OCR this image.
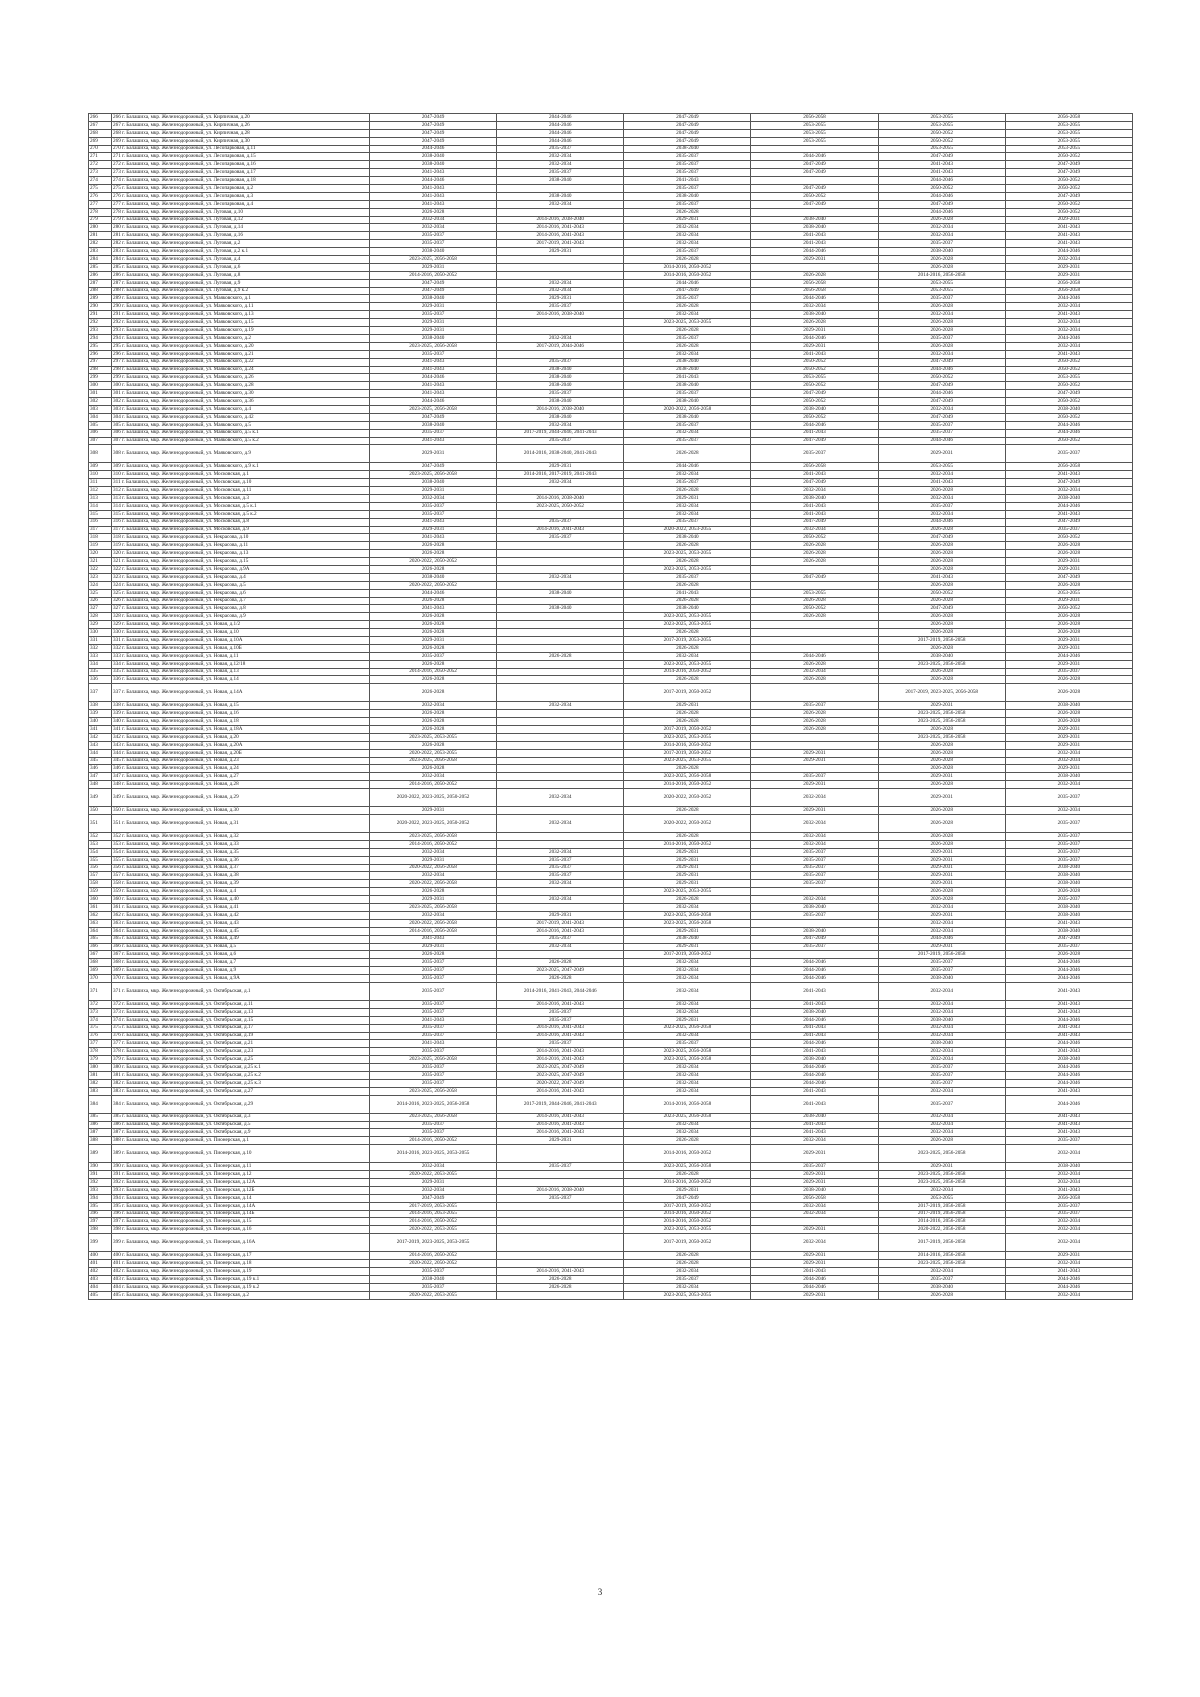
266	266 г. Балашиха, мкр. Железнодорожный, ул. Кирпичная, д.20	2047-2049	2044-2046	2047-2049	2056-2058	2053-2055	2056-2058
267	267 г. Балашиха, мкр. Железнодорожный, ул. Кирпичная, д.26	2047-2049	2044-2046	2047-2049	2053-2055	2053-2055	2053-2055
268	268 г. Балашиха, мкр. Железнодорожный, ул. Кирпичная, д.28	2047-2049	2044-2046	2047-2049	2053-2055	2050-2052	2053-2055
269	269 г. Балашиха, мкр. Железнодорожный, ул. Кирпичная, д.30	2047-2049	2044-2046	2047-2049	2053-2055	2050-2052	2053-2055
270	270 г. Балашиха, мкр. Железнодорожный, ул. Лесопарковая, д.11	2044-2046	2035-2037	2038-2040		2053-2055	2053-2055
271	271 г. Балашиха, мкр. Железнодорожный, ул. Лесопарковая, д.15	2038-2040	2032-2034	2035-2037	2044-2046	2047-2049	2050-2052
272	272 г. Балашиха, мкр. Железнодорожный, ул. Лесопарковая, д.16	2038-2040	2032-2034	2035-2037	2047-2049	2041-2043	2047-2049
273	273 г. Балашиха, мкр. Железнодорожный, ул. Лесопарковая, д.17	2041-2043	2035-2037	2035-2037	2047-2049	2041-2043	2047-2049
274	274 г. Балашиха, мкр. Железнодорожный, ул. Лесопарковая, д.18	2044-2046	2038-2040	2041-2043		2044-2046	2050-2052
275	275 г. Балашиха, мкр. Железнодорожный, ул. Лесопарковая, д.2	2041-2043		2035-2037	2047-2049	2050-2052	2050-2052
276	276 г. Балашиха, мкр. Железнодорожный, ул. Лесопарковая, д.3	2041-2043	2038-2040	2038-2040	2050-2052	2044-2046	2047-2049
277	277 г. Балашиха, мкр. Железнодорожный, ул. Лесопарковая, д.4	2041-2043	2032-2034	2035-2037	2047-2049	2047-2049	2050-2052
278	278 г. Балашиха, мкр. Железнодорожный, ул. Луговая, д.10	2026-2028		2026-2028		2044-2046	2050-2052
279	279 г. Балашиха, мкр. Железнодорожный, ул. Луговая, д.12	2032-2034	2014-2016, 2038-2040	2029-2031	2038-2040	2026-2028	2029-2031
280	280 г. Балашиха, мкр. Железнодорожный, ул. Луговая, д.14	2032-2034	2014-2016, 2041-2043	2032-2034	2038-2040	2032-2034	2041-2043
281	281 г. Балашиха, мкр. Железнодорожный, ул. Луговая, д.16	2035-2037	2014-2016, 2041-2043	2032-2034	2041-2043	2032-2034	2041-2043
282	282 г. Балашиха, мкр. Железнодорожный, ул. Луговая, д.2	2035-2037	2017-2019, 2041-2043	2032-2034	2041-2043	2035-2037	2041-2043
283	283 г. Балашиха, мкр. Железнодорожный, ул. Луговая, д.2 к.1	2038-2040	2029-2031	2035-2037	2044-2046	2038-2040	2044-2046
284	284 г. Балашиха, мкр. Железнодорожный, ул. Луговая, д.4	2023-2025, 2056-2058		2026-2028	2029-2031	2026-2028	2032-2034
285	285 г. Балашиха, мкр. Железнодорожный, ул. Луговая, д.6	2029-2031		2014-2016, 2050-2052		2026-2028	2029-2031
286	286 г. Балашиха, мкр. Железнодорожный, ул. Луговая, д.8	2014-2016, 2050-2052		2014-2016, 2050-2052	2026-2028	2014-2016, 2056-2058	2029-2031
287	287 г. Балашиха, мкр. Железнодорожный, ул. Луговая, д.9	2047-2049	2032-2034	2044-2046	2056-2058	2053-2055	2056-2058
288	288 г. Балашиха, мкр. Железнодорожный, ул. Луговая, д.9 к.2	2047-2049	2032-2034	2047-2049	2056-2058	2053-2055	2056-2058
289	289 г. Балашиха, мкр. Железнодорожный, ул. Маяковского, д.1	2038-2040	2029-2031	2035-2037	2044-2046	2035-2037	2044-2046
290	290 г. Балашиха, мкр. Железнодорожный, ул. Маяковского, д.11	2029-2031	2035-2037	2026-2028	2032-2034	2026-2028	2032-2034
291	291 г. Балашиха, мкр. Железнодорожный, ул. Маяковского, д.13	2035-2037	2014-2016, 2038-2040	2032-2034	2038-2040	2032-2034	2041-2043
292	292 г. Балашиха, мкр. Железнодорожный, ул. Маяковского, д.15	2029-2031		2023-2025, 2053-2055	2026-2028	2026-2028	2032-2034
293	293 г. Балашиха, мкр. Железнодорожный, ул. Маяковского, д.19	2029-2031		2026-2028	2029-2031	2026-2028	2032-2034
294	294 г. Балашиха, мкр. Железнодорожный, ул. Маяковского, д.2	2038-2040	2032-2034	2035-2037	2044-2046	2035-2037	2044-2046
295	295 г. Балашиха, мкр. Железнодорожный, ул. Маяковского, д.20	2023-2025, 2056-2058	2017-2019, 2044-2046	2026-2028	2029-2031	2026-2028	2032-2034
296	296 г. Балашиха, мкр. Железнодорожный, ул. Маяковского, д.21	2035-2037		2032-2034	2041-2043	2032-2034	2041-2043
297	297 г. Балашиха, мкр. Железнодорожный, ул. Маяковского, д.22	2041-2043	2035-2037	2038-2040	2050-2052	2047-2049	2050-2052
298	298 г. Балашиха, мкр. Железнодорожный, ул. Маяковского, д.24	2041-2043	2038-2040	2038-2040	2050-2052	2044-2046	2050-2052
299	299 г. Балашиха, мкр. Железнодорожный, ул. Маяковского, д.26	2044-2046	2038-2040	2041-2043	2053-2055	2050-2052	2053-2055
300	300 г. Балашиха, мкр. Железнодорожный, ул. Маяковского, д.28	2041-2043	2038-2040	2038-2040	2050-2052	2047-2049	2050-2052
301	301 г. Балашиха, мкр. Железнодорожный, ул. Маяковского, д.30	2041-2043	2035-2037	2035-2037	2047-2049	2044-2046	2047-2049
302	302 г. Балашиха, мкр. Железнодорожный, ул. Маяковского, д.36	2044-2046	2038-2040	2038-2040	2050-2052	2047-2049	2050-2052
303	303 г. Балашиха, мкр. Железнодорожный, ул. Маяковского, д.4	2023-2025, 2056-2058	2014-2016, 2038-2040	2020-2022, 2056-2058	2038-2040	2032-2034	2038-2040
304	304 г. Балашиха, мкр. Железнодорожный, ул. Маяковского, д.42	2047-2049	2038-2040	2038-2040	2050-2052	2047-2049	2050-2052
305	305 г. Балашиха, мкр. Железнодорожный, ул. Маяковского, д.5	2038-2040	2032-2034	2035-2037	2044-2046	2035-2037	2044-2046
306	306 г. Балашиха, мкр. Железнодорожный, ул. Маяковского, д.5 к.1	2035-2037	2017-2019, 2044-2046, 2041-2043	2032-2034	2041-2043	2035-2037	2044-2046
307	307 г. Балашиха, мкр. Железнодорожный, ул. Маяковского, д.5 к.2	2041-2043	2035-2037	2035-2037	2047-2049	2044-2046	2050-2052
308	308 г. Балашиха, мкр. Железнодорожный, ул. Маяковского, д.9	2029-2031	2014-2016, 2038-2040, 2041-2043	2026-2028	2035-2037	2029-2031	2035-2037
309	309 г. Балашиха, мкр. Железнодорожный, ул. Маяковского, д.9 к.1	2047-2049	2029-2031	2044-2046	2056-2058	2053-2055	2056-2058
310	310 г. Балашиха, мкр. Железнодорожный, ул. Московская, д.1	2023-2025, 2056-2058	2014-2016, 2017-2019, 2041-2043	2032-2034	2041-2043	2032-2034	2041-2043
311	311 г. Балашиха, мкр. Железнодорожный, ул. Московская, д.10	2038-2040	2032-2034	2035-2037	2047-2049	2041-2043	2047-2049
312	312 г. Балашиха, мкр. Железнодорожный, ул. Московская, д.11	2029-2031		2026-2028	2032-2034	2026-2028	2032-2034
313	313 г. Балашиха, мкр. Железнодорожный, ул. Московская, д.3	2032-2034	2014-2016, 2038-2040	2029-2031	2038-2040	2032-2034	2038-2040
314	314 г. Балашиха, мкр. Железнодорожный, ул. Московская, д.5 к.1	2035-2037	2023-2025, 2050-2052	2032-2034	2041-2043	2035-2037	2044-2046
315	315 г. Балашиха, мкр. Железнодорожный, ул. Московская, д.5 к.2	2035-2037		2032-2034	2041-2043	2032-2034	2041-2043
316	316 г. Балашиха, мкр. Железнодорожный, ул. Московская, д.8	2041-2043	2035-2037	2035-2037	2047-2049	2044-2046	2047-2049
317	317 г. Балашиха, мкр. Железнодорожный, ул. Московская, д.9	2029-2031	2014-2016, 2041-2043	2020-2022, 2053-2055	2032-2034	2026-2028	2035-2037
318	318 г. Балашиха, мкр. Железнодорожный, ул. Некрасова, д.10	2041-2043	2035-2037	2038-2040	2050-2052	2047-2049	2050-2052
319	319 г. Балашиха, мкр. Железнодорожный, ул. Некрасова, д.11	2026-2028		2026-2028	2026-2028	2026-2028	2026-2028
320	320 г. Балашиха, мкр. Железнодорожный, ул. Некрасова, д.13	2026-2028		2023-2025, 2053-2055	2026-2028	2026-2028	2026-2028
321	321 г. Балашиха, мкр. Железнодорожный, ул. Некрасова, д.15	2020-2022, 2050-2052		2026-2028	2026-2028	2026-2028	2029-2031
322	322 г. Балашиха, мкр. Железнодорожный, ул. Некрасова, д.9А	2026-2028		2023-2025, 2053-2055		2026-2028	2029-2031
323	323 г. Балашиха, мкр. Железнодорожный, ул. Некрасова, д.4	2038-2040	2032-2034	2035-2037	2047-2049	2041-2043	2047-2049
324	324 г. Балашиха, мкр. Железнодорожный, ул. Некрасова, д.5	2020-2022, 2050-2052		2026-2028		2026-2028	2026-2028
325	325 г. Балашиха, мкр. Железнодорожный, ул. Некрасова, д.6	2044-2046	2038-2040	2041-2043	2053-2055	2050-2052	2053-2055
326	326 г. Балашиха, мкр. Железнодорожный, ул. Некрасова, д.7	2026-2028		2026-2028	2026-2028	2026-2028	2029-2031
327	327 г. Балашиха, мкр. Железнодорожный, ул. Некрасова, д.8	2041-2043	2038-2040	2038-2040	2050-2052	2047-2049	2050-2052
328	328 г. Балашиха, мкр. Железнодорожный, ул. Некрасова, д.9	2026-2028		2023-2025, 2053-2055	2026-2028	2026-2028	2026-2028
329	329 г. Балашиха, мкр. Железнодорожный, ул. Новая, д.1/2	2026-2028		2023-2025, 2053-2055		2026-2028	2026-2028
330	330 г. Балашиха, мкр. Железнодорожный, ул. Новая, д.10	2026-2028		2026-2028		2026-2028	2026-2028
331	331 г. Балашиха, мкр. Железнодорожный, ул. Новая, д.10А	2029-2031		2017-2019, 2053-2055		2017-2019, 2056-2058	2029-2031
332	332 г. Балашиха, мкр. Железнодорожный, ул. Новая, д.10Б	2026-2028		2026-2028		2026-2028	2029-2031
333	333 г. Балашиха, мкр. Железнодорожный, ул. Новая, д.11	2035-2037	2026-2028	2032-2034	2044-2046	2038-2040	2044-2046
334	334 г. Балашиха, мкр. Железнодорожный, ул. Новая, д.12/18	2026-2028		2023-2025, 2053-2055	2026-2028	2023-2025, 2056-2058	2029-2031
335	335 г. Балашиха, мкр. Железнодорожный, ул. Новая, д.13	2014-2016, 2050-2052		2014-2016, 2050-2052	2032-2034	2026-2028	2035-2037
336	336 г. Балашиха, мкр. Железнодорожный, ул. Новая, д.14	2026-2028		2026-2028	2026-2028	2026-2028	2026-2028
337	337 г. Балашиха, мкр. Железнодорожный, ул. Новая, д.14А	2026-2028		2017-2019, 2050-2052		2017-2019, 2023-2025, 2056-2058	2026-2028
338	338 г. Балашиха, мкр. Железнодорожный, ул. Новая, д.15	2032-2034	2032-2034	2029-2031	2035-2037	2029-2031	2038-2040
339	339 г. Балашиха, мкр. Железнодорожный, ул. Новая, д.16	2026-2028		2026-2028	2026-2028	2023-2025, 2056-2058	2026-2028
340	340 г. Балашиха, мкр. Железнодорожный, ул. Новая, д.18	2026-2028		2026-2028	2026-2028	2023-2025, 2056-2058	2026-2028
341	341 г. Балашиха, мкр. Железнодорожный, ул. Новая, д.18А	2026-2028		2017-2019, 2050-2052	2026-2028	2026-2028	2029-2031
342	342 г. Балашиха, мкр. Железнодорожный, ул. Новая, д.20	2023-2025, 2053-2055		2023-2025, 2053-2055		2023-2025, 2056-2058	2029-2031
343	343 г. Балашиха, мкр. Железнодорожный, ул. Новая, д.20А	2026-2028		2014-2016, 2050-2052		2026-2028	2029-2031
344	344 г. Балашиха, мкр. Железнодорожный, ул. Новая, д.20Б	2020-2022, 2053-2055		2017-2019, 2050-2052	2029-2031	2026-2028	2032-2034
345	345 г. Балашиха, мкр. Железнодорожный, ул. Новая, д.23	2023-2025, 2056-2058		2023-2025, 2053-2055	2029-2031	2026-2028	2032-2034
346	346 г. Балашиха, мкр. Железнодорожный, ул. Новая, д.24	2026-2028		2026-2028		2026-2028	2029-2031
347	347 г. Балашиха, мкр. Железнодорожный, ул. Новая, д.27	2032-2034		2023-2025, 2056-2058	2035-2037	2029-2031	2038-2040
348	348 г. Балашиха, мкр. Железнодорожный, ул. Новая, д.28	2014-2016, 2050-2052		2014-2016, 2050-2052	2029-2031	2026-2028	2032-2034
349	349 г. Балашиха, мкр. Железнодорожный, ул. Новая, д.29	2020-2022, 2023-2025, 2050-2052	2032-2034	2020-2022, 2050-2052	2032-2034	2029-2031	2035-2037
350	350 г. Балашиха, мкр. Железнодорожный, ул. Новая, д.30	2029-2031		2026-2028	2029-2031	2026-2028	2032-2034
351	351 г. Балашиха, мкр. Железнодорожный, ул. Новая, д.31	2020-2022, 2023-2025, 2050-2052	2032-2034	2020-2022, 2050-2052	2032-2034	2026-2028	2035-2037
352	352 г. Балашиха, мкр. Железнодорожный, ул. Новая, д.32	2023-2025, 2056-2058		2026-2028	2032-2034	2026-2028	2035-2037
353	353 г. Балашиха, мкр. Железнодорожный, ул. Новая, д.33	2014-2016, 2050-2052		2014-2016, 2050-2052	2032-2034	2026-2028	2035-2037
354	354 г. Балашиха, мкр. Железнодорожный, ул. Новая, д.35	2032-2034	2032-2034	2029-2031	2035-2037	2029-2031	2035-2037
355	355 г. Балашиха, мкр. Железнодорожный, ул. Новая, д.36	2029-2031	2035-2037	2029-2031	2035-2037	2029-2031	2035-2037
356	356 г. Балашиха, мкр. Железнодорожный, ул. Новая, д.37	2020-2022, 2056-2058	2035-2037	2029-2031	2035-2037	2029-2031	2038-2040
357	357 г. Балашиха, мкр. Железнодорожный, ул. Новая, д.38	2032-2034	2035-2037	2029-2031	2035-2037	2029-2031	2038-2040
358	358 г. Балашиха, мкр. Железнодорожный, ул. Новая, д.39	2020-2022, 2056-2058	2032-2034	2029-2031	2035-2037	2029-2031	2038-2040
359	359 г. Балашиха, мкр. Железнодорожный, ул. Новая, д.4	2026-2028		2023-2025, 2053-2055		2026-2028	2026-2028
360	360 г. Балашиха, мкр. Железнодорожный, ул. Новая, д.40	2029-2031	2032-2034	2026-2028	2032-2034	2026-2028	2035-2037
361	361 г. Балашиха, мкр. Железнодорожный, ул. Новая, д.41	2023-2025, 2056-2058		2032-2034	2038-2040	2032-2034	2038-2040
362	362 г. Балашиха, мкр. Железнодорожный, ул. Новая, д.42	2032-2034	2029-2031	2023-2025, 2056-2058	2035-2037	2029-2031	2038-2040
363	363 г. Балашиха, мкр. Железнодорожный, ул. Новая, д.43	2020-2022, 2056-2058	2017-2019, 2041-2043	2023-2025, 2056-2058		2032-2034	2041-2043
364	364 г. Балашиха, мкр. Железнодорожный, ул. Новая, д.45	2014-2016, 2056-2058	2014-2016, 2041-2043	2029-2031	2038-2040	2032-2034	2038-2040
365	365 г. Балашиха, мкр. Железнодорожный, ул. Новая, д.49	2041-2043	2035-2037	2038-2040	2047-2049	2044-2046	2047-2049
366	366 г. Балашиха, мкр. Железнодорожный, ул. Новая, д.5	2029-2031	2032-2034	2029-2031	2035-2037	2029-2031	2035-2037
367	367 г. Балашиха, мкр. Железнодорожный, ул. Новая, д.6	2026-2028		2017-2019, 2050-2052		2017-2019, 2056-2058	2026-2028
368	368 г. Балашиха, мкр. Железнодорожный, ул. Новая, д.7	2035-2037	2026-2028	2032-2034	2044-2046	2035-2037	2044-2046
369	369 г. Балашиха, мкр. Железнодорожный, ул. Новая, д.9	2035-2037	2023-2025, 2047-2049	2032-2034	2044-2046	2035-2037	2044-2046
370	370 г. Балашиха, мкр. Железнодорожный, ул. Новая, д.9А	2035-2037	2026-2028	2032-2034	2044-2046	2038-2040	2044-2046
371	371 г. Балашиха, мкр. Железнодорожный, ул. Октябрьская, д.1	2035-2037	2014-2016, 2041-2043, 2044-2046	2032-2034	2041-2043	2032-2034	2041-2043
372	372 г. Балашиха, мкр. Железнодорожный, ул. Октябрьская, д.11	2035-2037	2014-2016, 2041-2043	2032-2034	2041-2043	2032-2034	2041-2043
373	373 г. Балашиха, мкр. Железнодорожный, ул. Октябрьская, д.13	2035-2037	2035-2037	2032-2034	2038-2040	2032-2034	2041-2043
374	374 г. Балашиха, мкр. Железнодорожный, ул. Октябрьская, д.15	2041-2043	2035-2037	2029-2031	2044-2046	2038-2040	2044-2046
375	375 г. Балашиха, мкр. Железнодорожный, ул. Октябрьская, д.17	2035-2037	2014-2016, 2041-2043	2023-2025, 2056-2058	2041-2043	2032-2034	2041-2043
376	376 г. Балашиха, мкр. Железнодорожный, ул. Октябрьская, д.19	2035-2037	2014-2016, 2041-2043	2032-2034	2041-2043	2032-2034	2041-2043
377	377 г. Балашиха, мкр. Железнодорожный, ул. Октябрьская, д.21	2041-2043	2035-2037	2035-2037	2044-2046	2038-2040	2044-2046
378	378 г. Балашиха, мкр. Железнодорожный, ул. Октябрьская, д.23	2035-2037	2014-2016, 2041-2043	2023-2025, 2056-2058	2041-2043	2032-2034	2041-2043
379	379 г. Балашиха, мкр. Железнодорожный, ул. Октябрьская, д.25	2023-2025, 2056-2058	2014-2016, 2041-2043	2023-2025, 2056-2058	2038-2040	2032-2034	2038-2040
380	380 г. Балашиха, мкр. Железнодорожный, ул. Октябрьская, д.25 к.1	2035-2037	2023-2025, 2047-2049	2032-2034	2044-2046	2035-2037	2044-2046
381	381 г. Балашиха, мкр. Железнодорожный, ул. Октябрьская, д.25 к.2	2035-2037	2023-2025, 2047-2049	2032-2034	2044-2046	2035-2037	2044-2046
382	382 г. Балашиха, мкр. Железнодорожный, ул. Октябрьская, д.25 к.3	2035-2037	2020-2022, 2047-2049	2032-2034	2044-2046	2035-2037	2044-2046
383	383 г. Балашиха, мкр. Железнодорожный, ул. Октябрьская, д.27	2023-2025, 2056-2058	2014-2016, 2041-2043	2032-2034	2041-2043	2032-2034	2041-2043
384	384 г. Балашиха, мкр. Железнодорожный, ул. Октябрьская, д.29	2014-2016, 2023-2025, 2056-2058	2017-2019, 2044-2046, 2041-2043	2014-2016, 2056-2058	2041-2043	2035-2037	2044-2046
385	385 г. Балашиха, мкр. Железнодорожный, ул. Октябрьская, д.3	2023-2025, 2056-2058	2014-2016, 2041-2043	2023-2025, 2056-2058	2038-2040	2032-2034	2041-2043
386	386 г. Балашиха, мкр. Железнодорожный, ул. Октябрьская, д.5	2035-2037	2014-2016, 2041-2043	2032-2034	2041-2043	2032-2034	2041-2043
387	387 г. Балашиха, мкр. Железнодорожный, ул. Октябрьская, д.9	2035-2037	2014-2016, 2041-2043	2032-2034	2041-2043	2032-2034	2041-2043
388	388 г. Балашиха, мкр. Железнодорожный, ул. Пионерская, д.1	2014-2016, 2050-2052	2029-2031	2026-2028	2032-2034	2026-2028	2035-2037
389	389 г. Балашиха, мкр. Железнодорожный, ул. Пионерская, д.10	2014-2016, 2023-2025, 2053-2055		2014-2016, 2050-2052	2029-2031	2023-2025, 2056-2058	2032-2034
390	390 г. Балашиха, мкр. Железнодорожный, ул. Пионерская, д.11	2032-2034	2035-2037	2023-2025, 2056-2058	2035-2037	2029-2031	2038-2040
391	391 г. Балашиха, мкр. Железнодорожный, ул. Пионерская, д.12	2020-2022, 2053-2055		2026-2028	2029-2031	2023-2025, 2056-2058	2032-2034
392	392 г. Балашиха, мкр. Железнодорожный, ул. Пионерская, д.12А	2029-2031		2014-2016, 2050-2052	2029-2031	2023-2025, 2056-2058	2032-2034
393	393 г. Балашиха, мкр. Железнодорожный, ул. Пионерская, д.12Б	2032-2034	2014-2016, 2038-2040	2029-2031	2038-2040	2032-2034	2041-2043
394	394 г. Балашиха, мкр. Железнодорожный, ул. Пионерская, д.14	2047-2049	2035-2037	2047-2049	2056-2058	2053-2055	2056-2058
395	395 г. Балашиха, мкр. Железнодорожный, ул. Пионерская, д.14А	2017-2019, 2053-2055		2017-2019, 2050-2052	2032-2034	2017-2019, 2056-2058	2035-2037
396	396 г. Балашиха, мкр. Железнодорожный, ул. Пионерская, д.14Б	2014-2016, 2053-2055		2014-2016, 2050-2052	2032-2034	2017-2019, 2056-2058	2035-2037
397	397 г. Балашиха, мкр. Железнодорожный, ул. Пионерская, д.15	2014-2016, 2050-2052		2014-2016, 2050-2052		2014-2016, 2056-2058	2032-2034
398	398 г. Балашиха, мкр. Железнодорожный, ул. Пионерская, д.16	2020-2022, 2053-2055		2023-2025, 2053-2055	2029-2031	2020-2022, 2056-2058	2032-2034
399	399 г. Балашиха, мкр. Железнодорожный, ул. Пионерская, д.16А	2017-2019, 2023-2025, 2053-2055		2017-2019, 2050-2052	2032-2034	2017-2019, 2056-2058	2032-2034
400	400 г. Балашиха, мкр. Железнодорожный, ул. Пионерская, д.17	2014-2016, 2050-2052		2026-2028	2029-2031	2014-2016, 2056-2058	2029-2031
401	401 г. Балашиха, мкр. Железнодорожный, ул. Пионерская, д.18	2020-2022, 2050-2052		2026-2028	2029-2031	2023-2025, 2056-2058	2032-2034
402	402 г. Балашиха, мкр. Железнодорожный, ул. Пионерская, д.19	2035-2037	2014-2016, 2041-2043	2032-2034	2041-2043	2032-2034	2041-2043
403	403 г. Балашиха, мкр. Железнодорожный, ул. Пионерская, д.19 к.1	2038-2040	2026-2028	2035-2037	2044-2046	2035-2037	2044-2046
404	404 г. Балашиха, мкр. Железнодорожный, ул. Пионерская, д.19 к.2	2035-2037	2026-2028	2032-2034	2044-2046	2038-2040	2044-2046
405	405 г. Балашиха, мкр. Железнодорожный, ул. Пионерская, д.2	2020-2022, 2053-2055		2023-2025, 2053-2055	2029-2031	2026-2028	2032-2034
3
